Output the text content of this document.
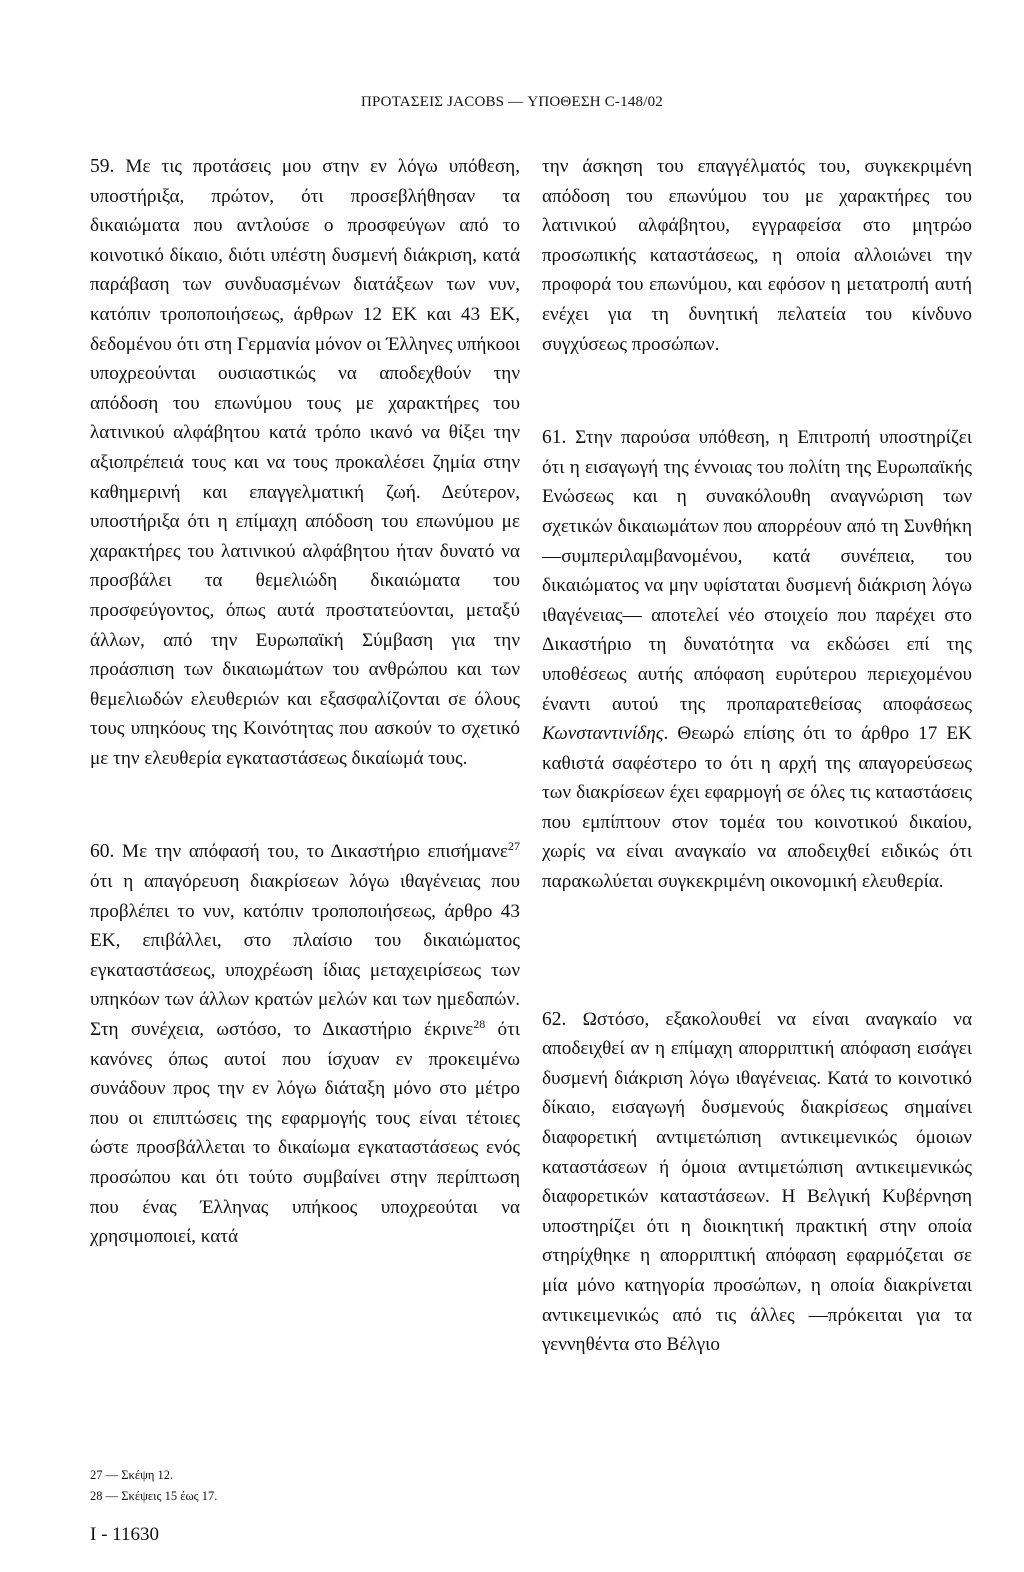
ΠΡΟΤΑΣΕΙΣ JACOBS — ΥΠΟΘΕΣΗ C-148/02

59. Με τις προτάσεις μου στην εν λόγω υπόθεση, υποστήριξα, πρώτον, ότι προσεβλήθησαν τα δικαιώματα που αντλούσε ο προσφεύγων από το κοινοτικό δίκαιο, διότι υπέστη δυσμενή διάκριση, κατά παράβαση των συνδυασμένων διατάξεων των νυν, κατόπιν τροποποιήσεως, άρθρων 12 ΕΚ και 43 ΕΚ, δεδομένου ότι στη Γερμανία μόνον οι Έλληνες υπήκοοι υποχρεούνται ουσιαστικώς να αποδεχθούν την απόδοση του επωνύμου τους με χαρακτήρες του λατινικού αλφάβητου κατά τρόπο ικανό να θίξει την αξιοπρέπειά τους και να τους προκαλέσει ζημία στην καθημερινή και επαγγελματική ζωή. Δεύτερον, υποστήριξα ότι η επίμαχη απόδοση του επωνύμου με χαρακτήρες του λατινικού αλφάβητου ήταν δυνατό να προσβάλει τα θεμελιώδη δικαιώματα του προσφεύγοντος, όπως αυτά προστατεύονται, μεταξύ άλλων, από την Ευρωπαϊκή Σύμβαση για την προάσπιση των δικαιωμάτων του ανθρώπου και των θεμελιωδών ελευθεριών και εξασφαλίζονται σε όλους τους υπηκόους της Κοινότητας που ασκούν το σχετικό με την ελευθερία εγκαταστάσεως δικαίωμά τους.

60. Με την απόφασή του, το Δικαστήριο επισήμανε$^{27}$ ότι η απαγόρευση διακρίσεων λόγω ιθαγένειας που προβλέπει το νυν, κατόπιν τροποποιήσεως, άρθρο 43 ΕΚ, επιβάλλει, στο πλαίσιο του δικαιώματος εγκαταστάσεως, υποχρέωση ίδιας μεταχειρίσεως των υπηκόων των άλλων κρατών μελών και των ημεδαπών. Στη συνέχεια, ωστόσο, το Δικαστήριο έκρινε$^{28}$ ότι κανόνες όπως αυτοί που ίσχυαν εν προκειμένω συνάδουν προς την εν λόγω διάταξη μόνο στο μέτρο που οι επιπτώσεις της εφαρμογής τους είναι τέτοιες ώστε προσβάλλεται το δικαίωμα εγκαταστάσεως ενός προσώπου και ότι τούτο συμβαίνει στην περίπτωση που ένας Έλληνας υπήκοος υποχρεούται να χρησιμοποιεί, κατά

την άσκηση του επαγγέλματός του, συγκεκριμένη απόδοση του επωνύμου του με χαρακτήρες του λατινικού αλφάβητου, εγγραφείσα στο μητρώο προσωπικής καταστάσεως, η οποία αλλοιώνει την προφορά του επωνύμου, και εφόσον η μετατροπή αυτή ενέχει για τη δυνητική πελατεία του κίνδυνο συγχύσεως προσώπων.

61. Στην παρούσα υπόθεση, η Επιτροπή υποστηρίζει ότι η εισαγωγή της έννοιας του πολίτη της Ευρωπαϊκής Ενώσεως και η συνακόλουθη αναγνώριση των σχετικών δικαιωμάτων που απορρέουν από τη Συνθήκη —συμπεριλαμβανομένου, κατά συνέπεια, του δικαιώματος να μην υφίσταται δυσμενή διάκριση λόγω ιθαγένειας— αποτελεί νέο στοιχείο που παρέχει στο Δικαστήριο τη δυνατότητα να εκδώσει επί της υποθέσεως αυτής απόφαση ευρύτερου περιεχομένου έναντι αυτού της προπαρατεθείσας αποφάσεως Κωνσταντινίδης. Θεωρώ επίσης ότι το άρθρο 17 ΕΚ καθιστά σαφέστερο το ότι η αρχή της απαγορεύσεως των διακρίσεων έχει εφαρμογή σε όλες τις καταστάσεις που εμπίπτουν στον τομέα του κοινοτικού δικαίου, χωρίς να είναι αναγκαίο να αποδειχθεί ειδικώς ότι παρακωλύεται συγκεκριμένη οικονομική ελευθερία.

62. Ωστόσο, εξακολουθεί να είναι αναγκαίο να αποδειχθεί αν η επίμαχη απορριπτική απόφαση εισάγει δυσμενή διάκριση λόγω ιθαγένειας. Κατά το κοινοτικό δίκαιο, εισαγωγή δυσμενούς διακρίσεως σημαίνει διαφορετική αντιμετώπιση αντικειμενικώς όμοιων καταστάσεων ή όμοια αντιμετώπιση αντικειμενικώς διαφορετικών καταστάσεων. Η Βελγική Κυβέρνηση υποστηρίζει ότι η διοικητική πρακτική στην οποία στηρίχθηκε η απορριπτική απόφαση εφαρμόζεται σε μία μόνο κατηγορία προσώπων, η οποία διακρίνεται αντικειμενικώς από τις άλλες —πρόκειται για τα γεννηθέντα στο Βέλγιο

27 — Σκέψη 12.
28 — Σκέψεις 15 έως 17.
I - 11630
